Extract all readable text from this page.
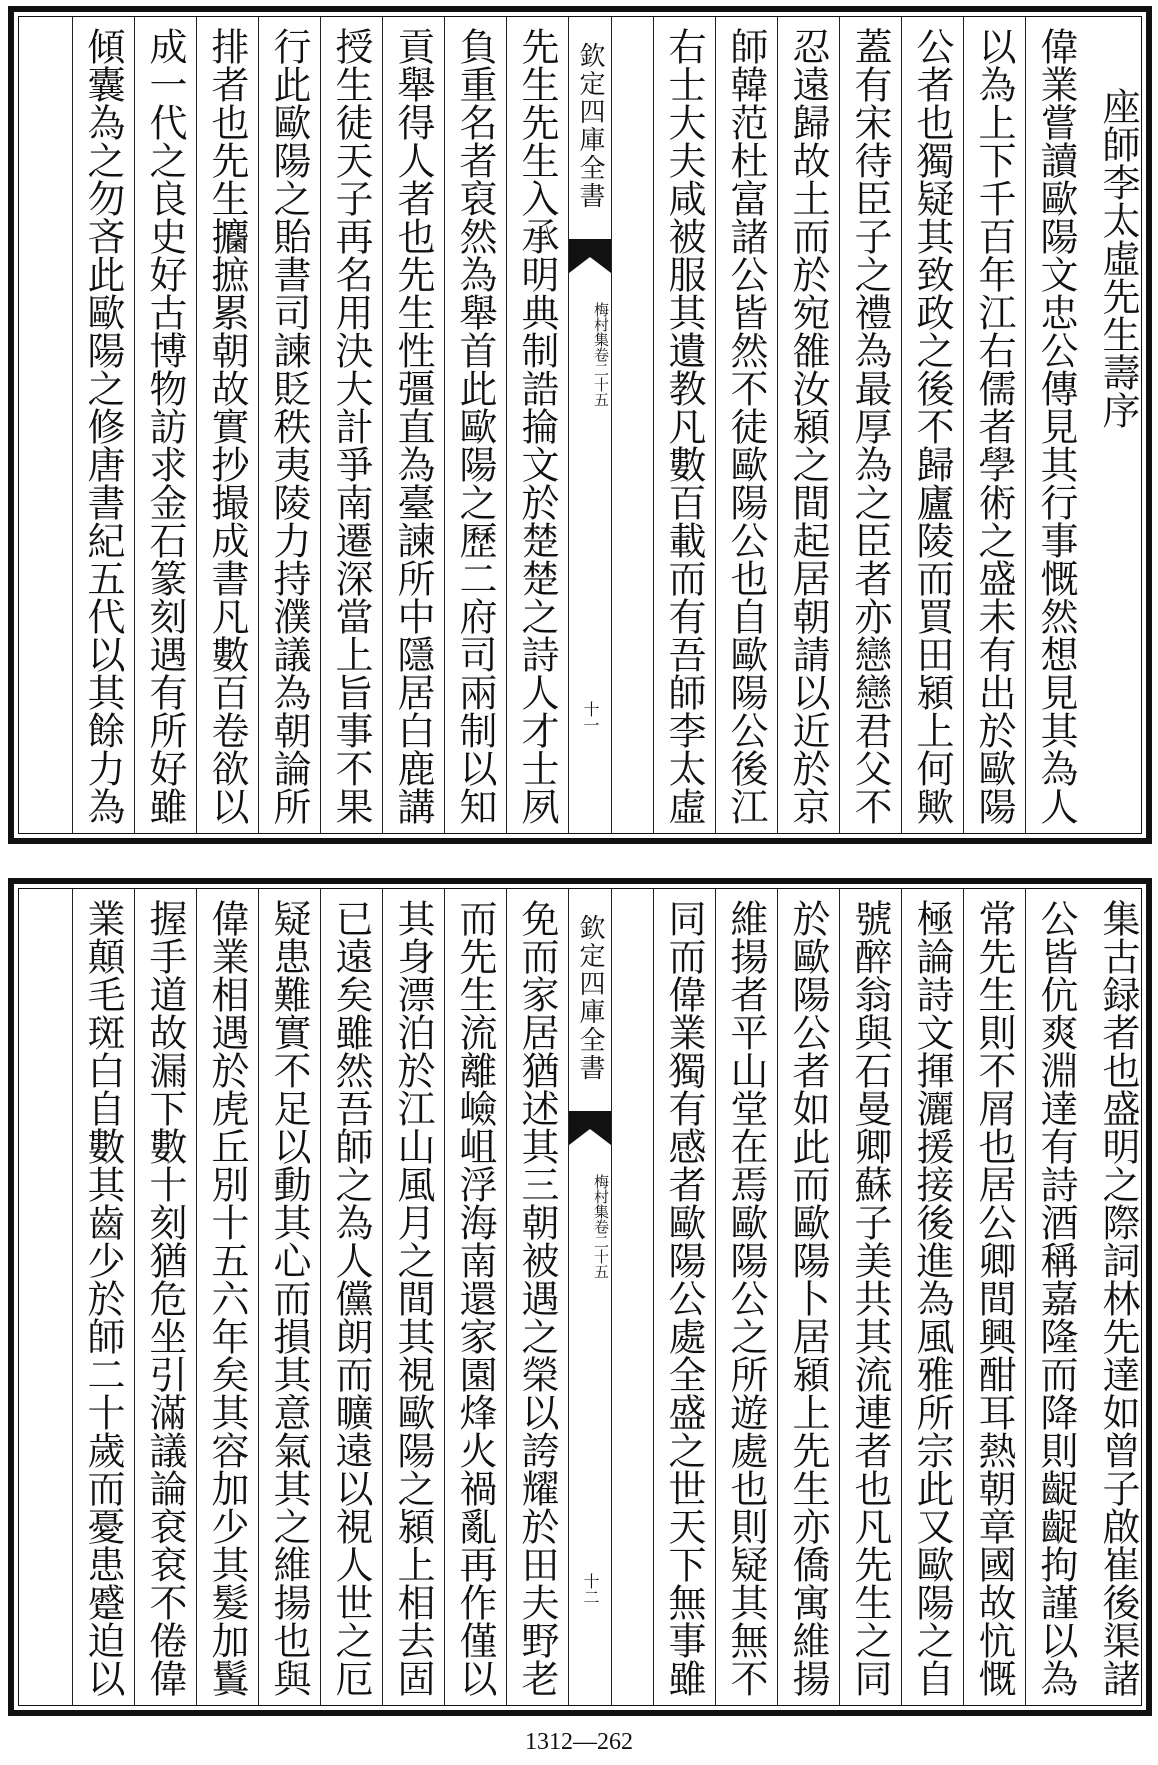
座師李太虛先生壽序
偉業嘗讀歐陽文忠公傳見其行事慨然想見其為人
以為上下千百年江右儒者學術之盛未有出於歐陽
公者也獨疑其致政之後不歸廬陵而買田潁上何歟
蓋有宋待臣子之禮為最厚為之臣者亦戀戀君父不
忍遠歸故土而於宛雒汝潁之間起居朝請以近於京
師韓范杜富諸公皆然不徒歐陽公也自歐陽公後江
右士大夫咸被服其遺教凡數百載而有吾師李太虛
欽定四庫全書
梅村集卷二十五
十一
先生先生入承明典制誥掄文於楚楚之詩人才士夙
負重名者裒然為舉首此歐陽之歷二府司兩制以知
貢舉得人者也先生性彊直為臺諫所中隱居白鹿講
授生徒天子再名用決大計爭南遷深當上旨事不果
行此歐陽之貽書司諫貶秩夷陵力持濮議為朝論所
排者也先生攟摭累朝故實抄撮成書凡數百卷欲以
成一代之良史好古博物訪求金石篆刻遇有所好雖
傾囊為之勿吝此歐陽之修唐書紀五代以其餘力為
集古録者也盛明之際詞林先達如曾子啟崔後渠諸
公皆伉爽淵達有詩酒稱嘉隆而降則齪齪拘謹以為
常先生則不屑也居公卿間興酣耳熱朝章國故忼慨
極論詩文揮灑援接後進為風雅所宗此又歐陽之自
號醉翁與石曼卿蘇子美共其流連者也凡先生之同
於歐陽公者如此而歐陽卜居潁上先生亦僑寓維揚
維揚者平山堂在焉歐陽公之所遊處也則疑其無不
同而偉業獨有感者歐陽公處全盛之世天下無事雖
欽定四庫全書
梅村集卷二十五
十二
免而家居猶述其三朝被遇之榮以誇耀於田夫野老
而先生流離嶮岨浮海南還家園烽火禍亂再作僅以
其身漂泊於江山風月之間其視歐陽之潁上相去固
已遠矣雖然吾師之為人儻朗而曠遠以視人世之厄
疑患難實不足以動其心而損其意氣其之維揚也與
偉業相遇於虎丘別十五六年矣其容加少其髮加鬒
握手道故漏下數十刻猶危坐引滿議論袞袞不倦偉
業顛毛斑白自數其齒少於師二十歲而憂患蹙迫以
1312—262
